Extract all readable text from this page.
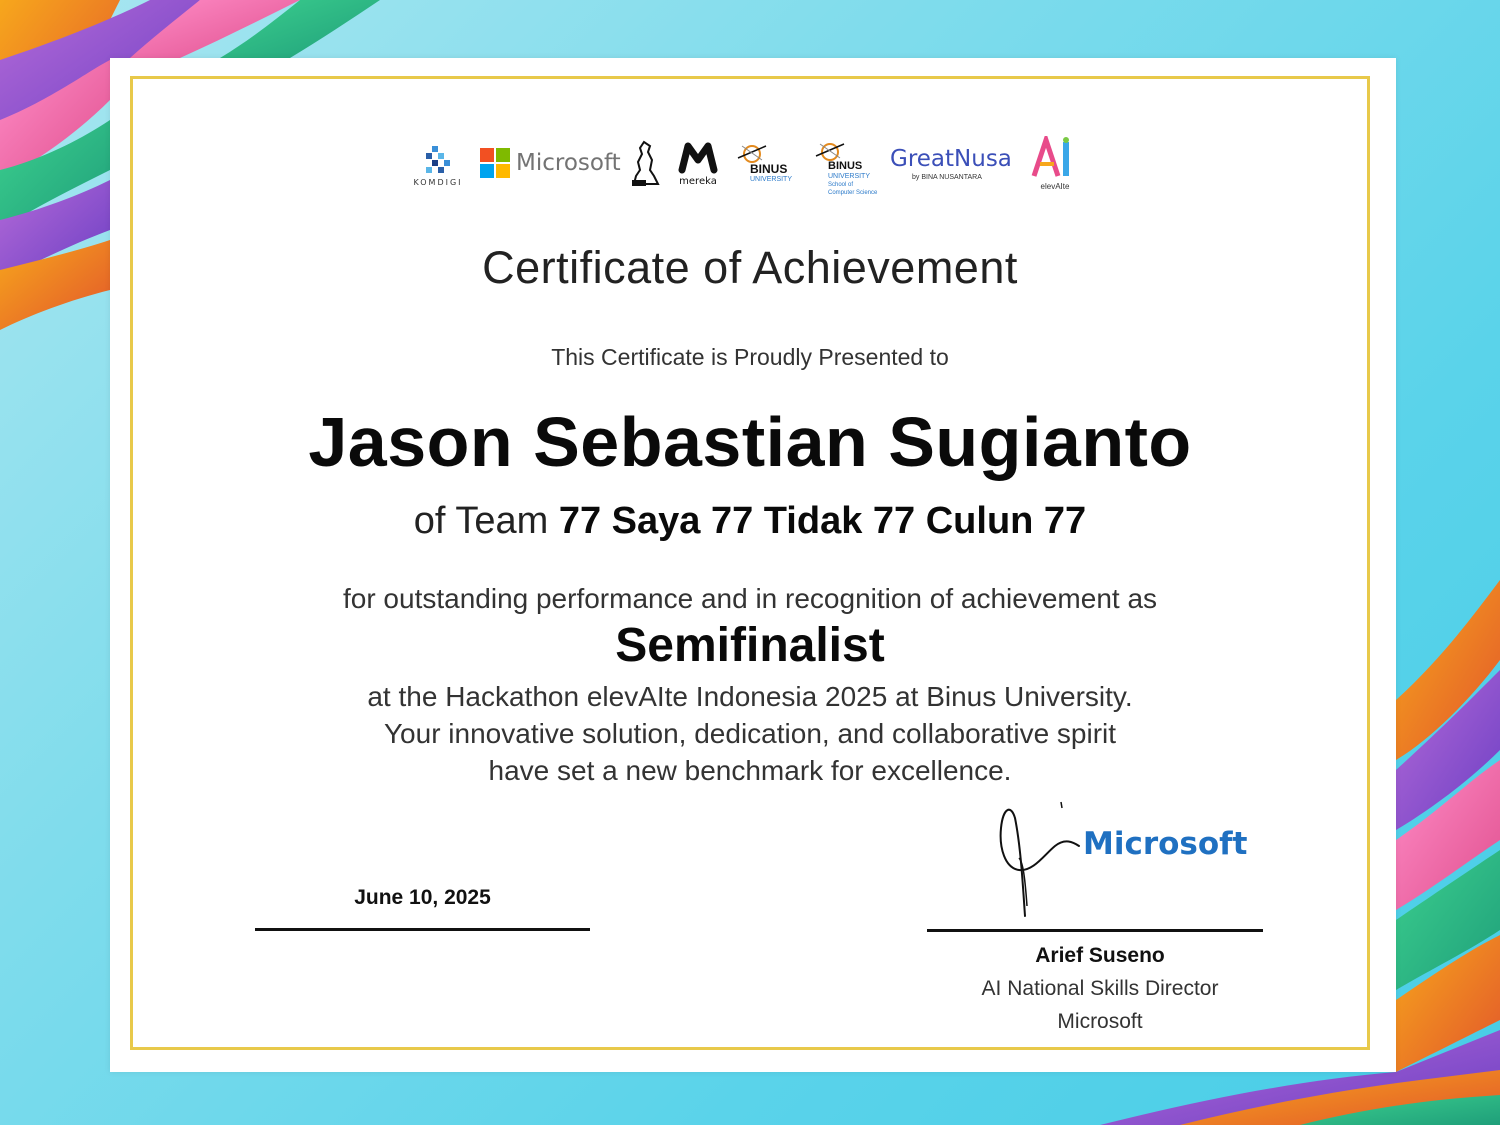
KOMDIGI
Microsoft
mereka
BINUS
UNIVERSITY
BINUS
UNIVERSITY
School of
Computer Science
GreatNusa
by BINA NUSANTARA
elevAIte
Certificate of Achievement
This Certificate is Proudly Presented to
Jason Sebastian Sugianto
of Team 77 Saya 77 Tidak 77 Culun 77
for outstanding performance and in recognition of achievement as
Semifinalist
at the Hackathon elevAIte Indonesia 2025 at Binus University.
Your innovative solution, dedication, and collaborative spirit
have set a new benchmark for excellence.
June 10, 2025
Microsoft
Arief Suseno
AI National Skills Director
Microsoft
